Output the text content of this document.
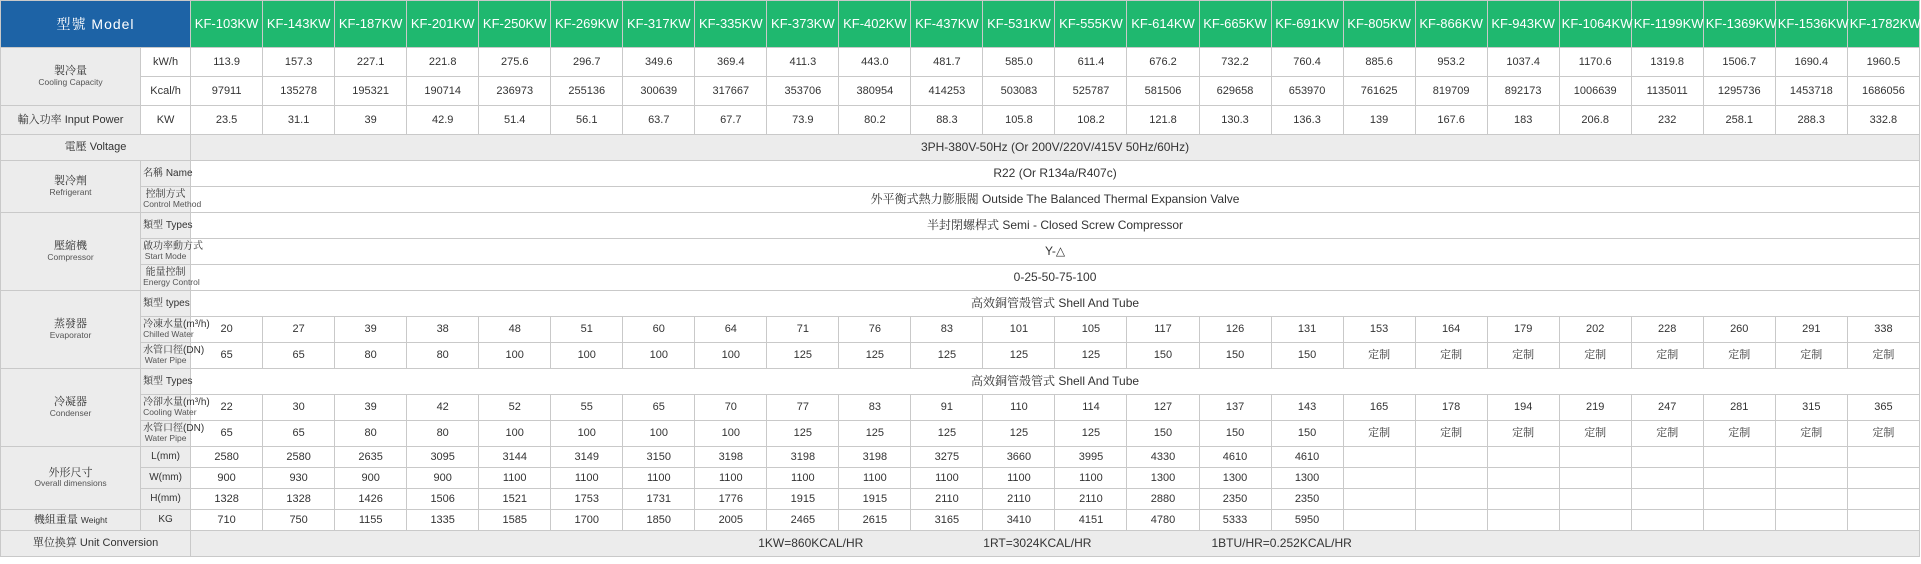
型號 Model		KF-103KW	KF-143KW	KF-187KW	KF-201KW	KF-250KW	KF-269KW	KF-317KW	KF-335KW	KF-373KW	KF-402KW	KF-437KW	KF-531KW	KF-555KW	KF-614KW	KF-665KW	KF-691KW	KF-805KW	KF-866KW	KF-943KW	KF-1064KW	KF-1199KW	KF-1369KW	KF-1536KW	KF-1782KW
製冷量
Cooling Capacity	kW/h	113.9	157.3	227.1	221.8	275.6	296.7	349.6	369.4	411.3	443.0	481.7	585.0	611.4	676.2	732.2	760.4	885.6	953.2	1037.4	1170.6	1319.8	1506.7	1690.4	1960.5
	Kcal/h	97911	135278	195321	190714	236973	255136	300639	317667	353706	380954	414253	503083	525787	581506	629658	653970	761625	819709	892173	1006639	1135011	1295736	1453718	1686056
輸入功率 Input Power	KW	23.5	31.1	39	42.9	51.4	56.1	63.7	67.7	73.9	80.2	88.3	105.8	108.2	121.8	130.3	136.3	139	167.6	183	206.8	232	258.1	288.3	332.8
電壓 Voltage		3PH-380V-50Hz (Or 200V/220V/415V 50Hz/60Hz)																							
製冷劑
Refrigerant	名稱 Name	R22 (Or R134a/R407c)																							
	控制方式
Control Method	外平衡式熱力膨脹閥 Outside The Balanced Thermal Expansion Valve																							
壓縮機
Compressor	類型 Types	半封閉螺桿式 Semi - Closed Screw Compressor																							
	啟功率動方式
Start Mode	Y-△																							
	能量控制
Energy Control	0-25-50-75-100																							
蒸發器
Evaporator	類型 types	高效銅管殼管式 Shell And Tube																							
	冷凍水量(m³/h)
Chilled Water	20	27	39	38	48	51	60	64	71	76	83	101	105	117	126	131	153	164	179	202	228	260	291	338
	水管口徑(DN)
Water Pipe	65	65	80	80	100	100	100	100	125	125	125	125	125	150	150	150	定制	定制	定制	定制	定制	定制	定制	定制
冷凝器
Condenser	類型 Types	高效銅管殼管式 Shell And Tube																							
	冷卻水量(m³/h)
Cooling Water	22	30	39	42	52	55	65	70	77	83	91	110	114	127	137	143	165	178	194	219	247	281	315	365
	水管口徑(DN)
Water Pipe	65	65	80	80	100	100	100	100	125	125	125	125	125	150	150	150	定制	定制	定制	定制	定制	定制	定制	定制
外形尺寸
Overall dimensions	L(mm)	2580	2580	2635	3095	3144	3149	3150	3198	3198	3198	3275	3660	3995	4330	4610	4610								
	W(mm)	900	930	900	900	1100	1100	1100	1100	1100	1100	1100	1100	1100	1300	1300	1300								
	H(mm)	1328	1328	1426	1506	1521	1753	1731	1776	1915	1915	2110	2110	2110	2880	2350	2350								
機組重量 Weight	KG	710	750	1155	1335	1585	1700	1850	2005	2465	2615	3165	3410	4151	4780	5333	5950								
單位換算 Unit Conversion		1KW=860KCAL/HR 1RT=3024KCAL/HR 1BTU/HR=0.252KCAL/HR																							
